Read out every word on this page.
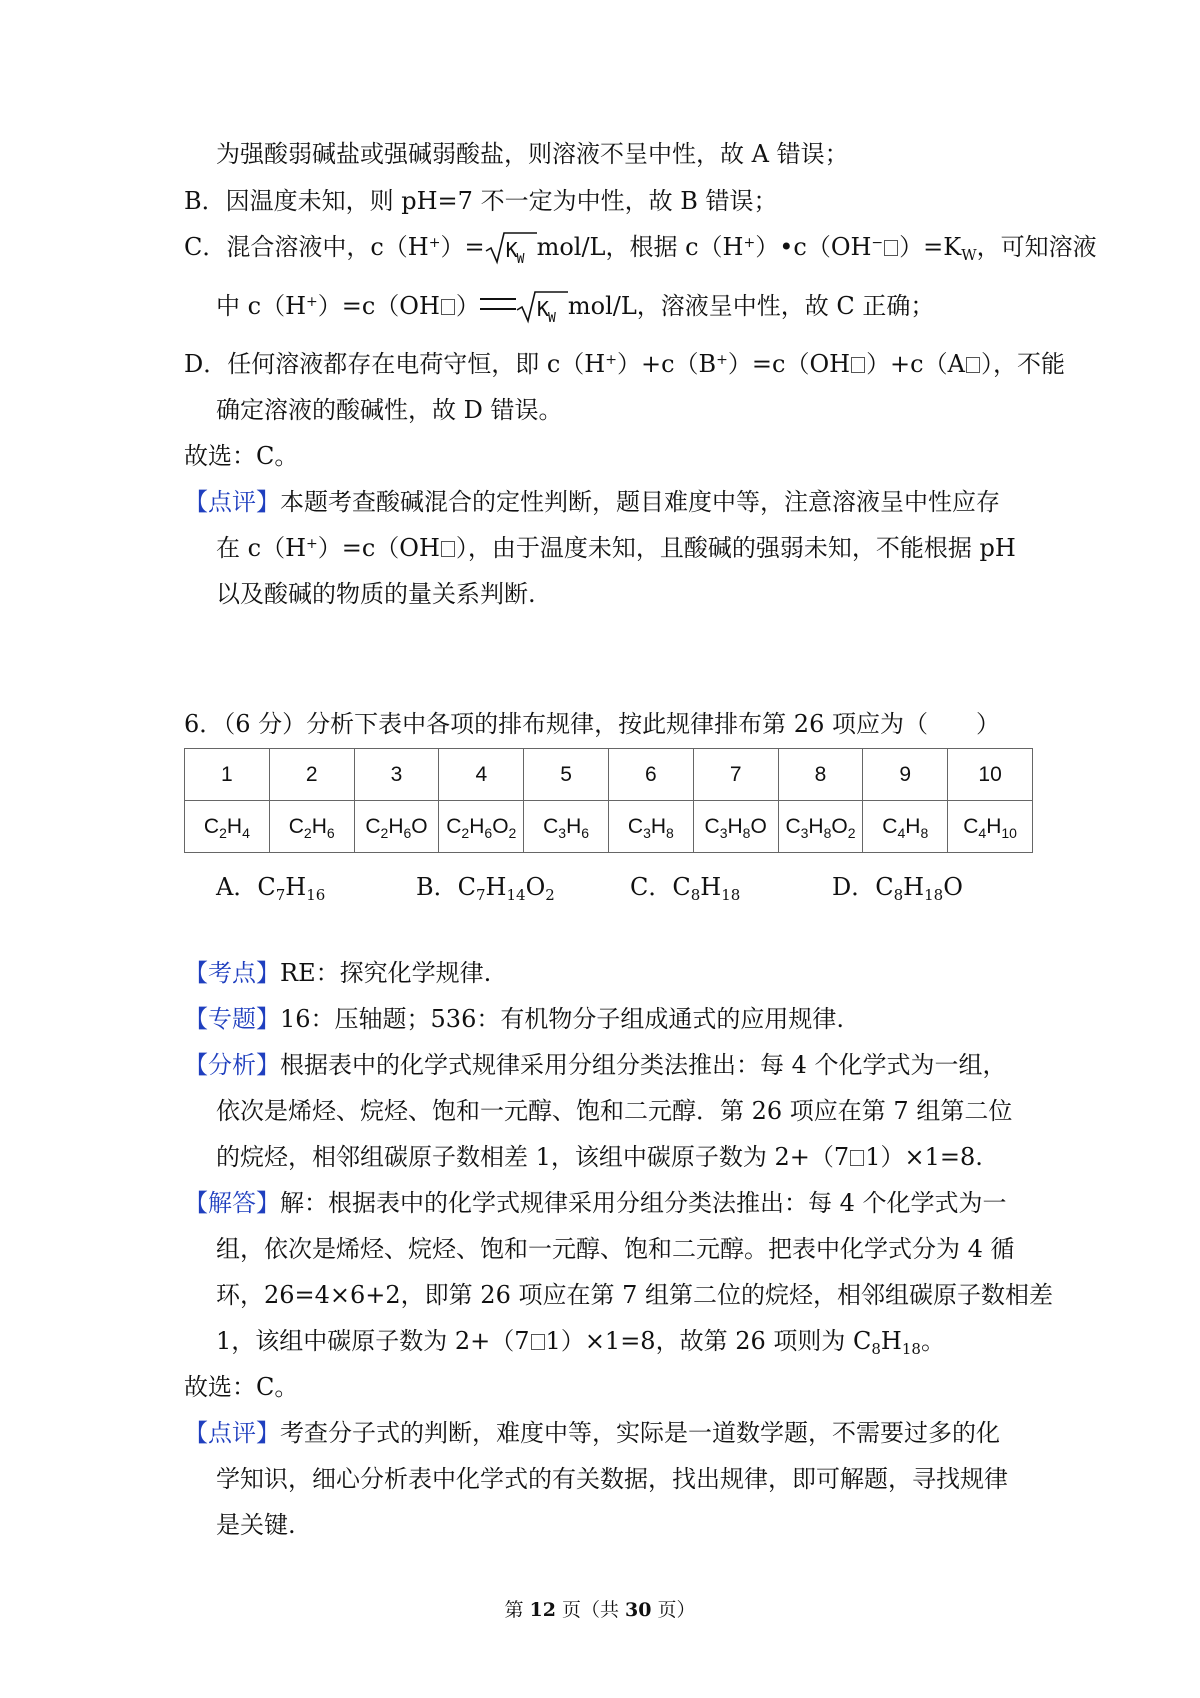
为强酸弱碱盐或强碱弱酸盐，则溶液不呈中性，故 A 错误；
B．因温度未知，则 pH=7 不一定为中性，故 B 错误；
C．混合溶液中，$c(H^+)= K_W$ mol/L，根据 c（H+）•c（OH− ）$=K_W$，可知溶液
中 c（H+）=c（OH ）	$K_W$ mol/L，溶液呈中性，故 C 正确；
D．任何溶液都存在电荷守恒，即 c（H+）+c（B+）=c（OH ）+c（A ），不能
确定溶液的酸碱性，故 D 错误。
故选：C。
【点评】本题考查酸碱混合的定性判断，题目难度中等，注意溶液呈中性应存
在 c（H+）=c（OH ），由于温度未知，且酸碱的强弱未知，不能根据 pH
以及酸碱的物质的量关系判断.
6．（6 分）分析下表中各项的排布规律，按此规律排布第 26 项应为（　　）
1	2	3	4	5	6	7	8	9	10
$C_2H_4$	$C_2H_6$	$C_2H_6O$	$C_2H_6O_2$	$C_3H_6$	$C_3H_8$	$C_3H_8O$	$C_3H_8O_2$	$C_4H_8$	$C_4H_{10}$
A．$C_7H_{16}$	B．$C_7H_{14}O_2$	C．$C_8H_{18}$	D．$C_8H_{18}O$
【考点】RE：探究化学规律.
【专题】16：压轴题；536：有机物分子组成通式的应用规律.
【分析】根据表中的化学式规律采用分组分类法推出：每 4 个化学式为一组，
依次是烯烃、烷烃、饱和一元醇、饱和二元醇．第 26 项应在第 7 组第二位
的烷烃，相邻组碳原子数相差 1，该组中碳原子数为 2+（7 1）×1=8.
【解答】解：根据表中的化学式规律采用分组分类法推出：每 4 个化学式为一
组，依次是烯烃、烷烃、饱和一元醇、饱和二元醇。把表中化学式分为 4 循
环，26=4×6+2，即第 26 项应在第 7 组第二位的烷烃，相邻组碳原子数相差
1，该组中碳原子数为 2+（7 1）×1=8，故第 26 项则为 $C_8H_{18}$。
故选：C。
【点评】考查分子式的判断，难度中等，实际是一道数学题，不需要过多的化
学知识，细心分析表中化学式的有关数据，找出规律，即可解题，寻找规律
是关键.
第 12 页（共 30 页）
